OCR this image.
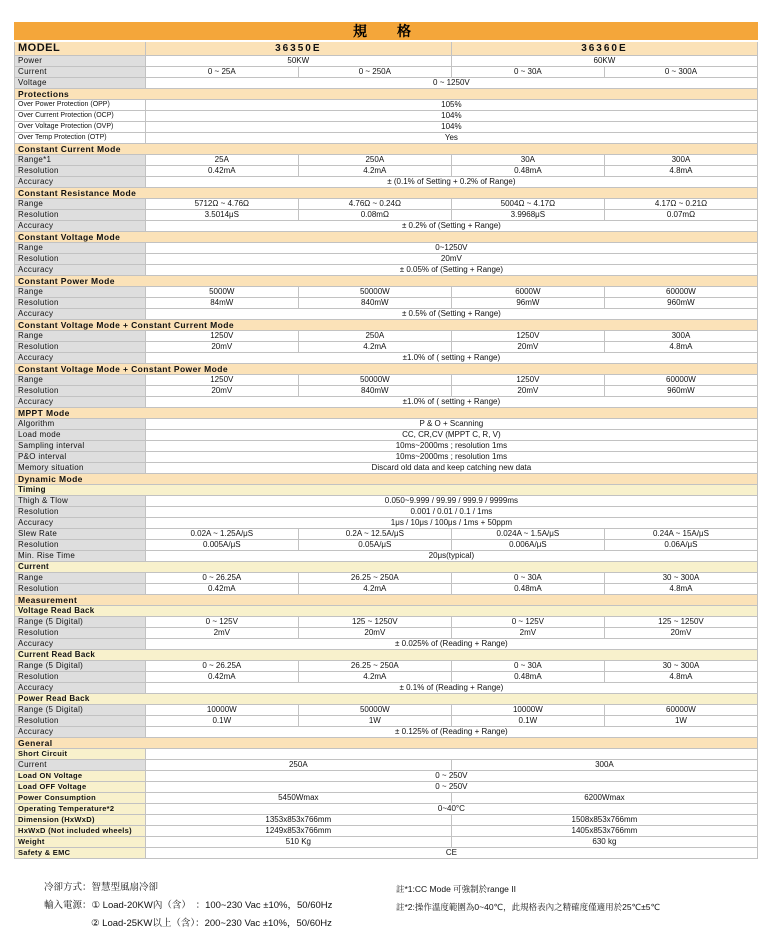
規　格				
MODEL	36350E		36360E	
Power	50KW		60KW	
Current	0 ~ 25A	0 ~ 250A	0 ~ 30A	0 ~ 300A
Voltage	0 ~ 1250V			
Protections				
Over Power Protection (OPP)	105%			
Over Current Protection (OCP)	104%			
Over Voltage Protection (OVP)	104%			
Over Temp Protection (OTP)	Yes			
Constant Current Mode				
Range*1	25A	250A	30A	300A
Resolution	0.42mA	4.2mA	0.48mA	4.8mA
Accuracy	± (0.1% of Setting + 0.2% of Range)			
Constant Resistance Mode				
Range	5712Ω ~ 4.76Ω	4.76Ω ~ 0.24Ω	5004Ω ~ 4.17Ω	4.17Ω ~ 0.21Ω
Resolution	3.5014μS	0.08mΩ	3.9968μS	0.07mΩ
Accuracy	± 0.2% of (Setting + Range)			
Constant Voltage Mode				
Range	0~1250V			
Resolution	20mV			
Accuracy	± 0.05% of (Setting + Range)			
Constant Power Mode				
Range	5000W	50000W	6000W	60000W
Resolution	84mW	840mW	96mW	960mW
Accuracy	± 0.5% of (Setting + Range)			
Constant Voltage Mode + Constant Current Mode				
Range	1250V	250A	1250V	300A
Resolution	20mV	4.2mA	20mV	4.8mA
Accuracy	±1.0% of ( setting + Range)			
Constant Voltage Mode + Constant Power Mode				
Range	1250V	50000W	1250V	60000W
Resolution	20mV	840mW	20mV	960mW
Accuracy	±1.0% of ( setting + Range)			
MPPT Mode				
Algorithm	P & O + Scanning			
Load mode	CC, CR,CV (MPPT C, R, V)			
Sampling interval	10ms~2000ms ; resolution 1ms			
P&O interval	10ms~2000ms ; resolution 1ms			
Memory situation	Discard old data and keep catching new data			
Dynamic Mode				
Timing				
Thigh & Tlow	0.050~9.999 / 99.99 / 999.9 / 9999ms			
Resolution	0.001 / 0.01 / 0.1 / 1ms			
Accuracy	1μs / 10μs / 100μs / 1ms + 50ppm			
Slew Rate	0.02A ~ 1.25A/μS	0.2A ~ 12.5A/μS	0.024A ~ 1.5A/μS	0.24A ~ 15A/μS
Resolution	0.005A/μS	0.05A/μS	0.006A/μS	0.06A/μS
Min. Rise Time	20μs(typical)			
Current				
Range	0 ~ 26.25A	26.25 ~ 250A	0 ~ 30A	30 ~ 300A
Resolution	0.42mA	4.2mA	0.48mA	4.8mA
Measurement				
Voltage Read Back				
Range (5 Digital)	0 ~ 125V	125 ~ 1250V	0 ~ 125V	125 ~ 1250V
Resolution	2mV	20mV	2mV	20mV
Accuracy	± 0.025% of (Reading + Range)			
Current Read Back				
Range (5 Digital)	0 ~ 26.25A	26.25 ~ 250A	0 ~ 30A	30 ~ 300A
Resolution	0.42mA	4.2mA	0.48mA	4.8mA
Accuracy	± 0.1% of (Reading + Range)			
Power Read Back				
Range (5 Digital)	10000W	50000W	10000W	60000W
Resolution	0.1W	1W	0.1W	1W
Accuracy	± 0.125% of (Reading + Range)			
General				
Short Circuit				
Current	250A		300A	
Load ON Voltage	0 ~ 250V			
Load OFF Voltage	0 ~ 250V			
Power Consumption	5450Wmax		6200Wmax	
Operating Temperature*2	0~40°C			
Dimension (HxWxD)	1353x853x766mm		1508x853x766mm	
HxWxD (Not included wheels)	1249x853x766mm		1405x853x766mm	
Weight	510 Kg		630 kg	
Safety & EMC	CE			
冷卻方式：智慧型風扇冷卻
輸入電源：① Load-20KW內（含）　：100~230 Vac ±10%，50/60Hz
② Load-25KW以上（含）：200~230 Vac ±10%，50/60Hz
註*1:CC Mode 可強制於range II
註*2:操作溫度範圍為0~40℃，此規格表內之精確度僅適用於25℃±5℃
